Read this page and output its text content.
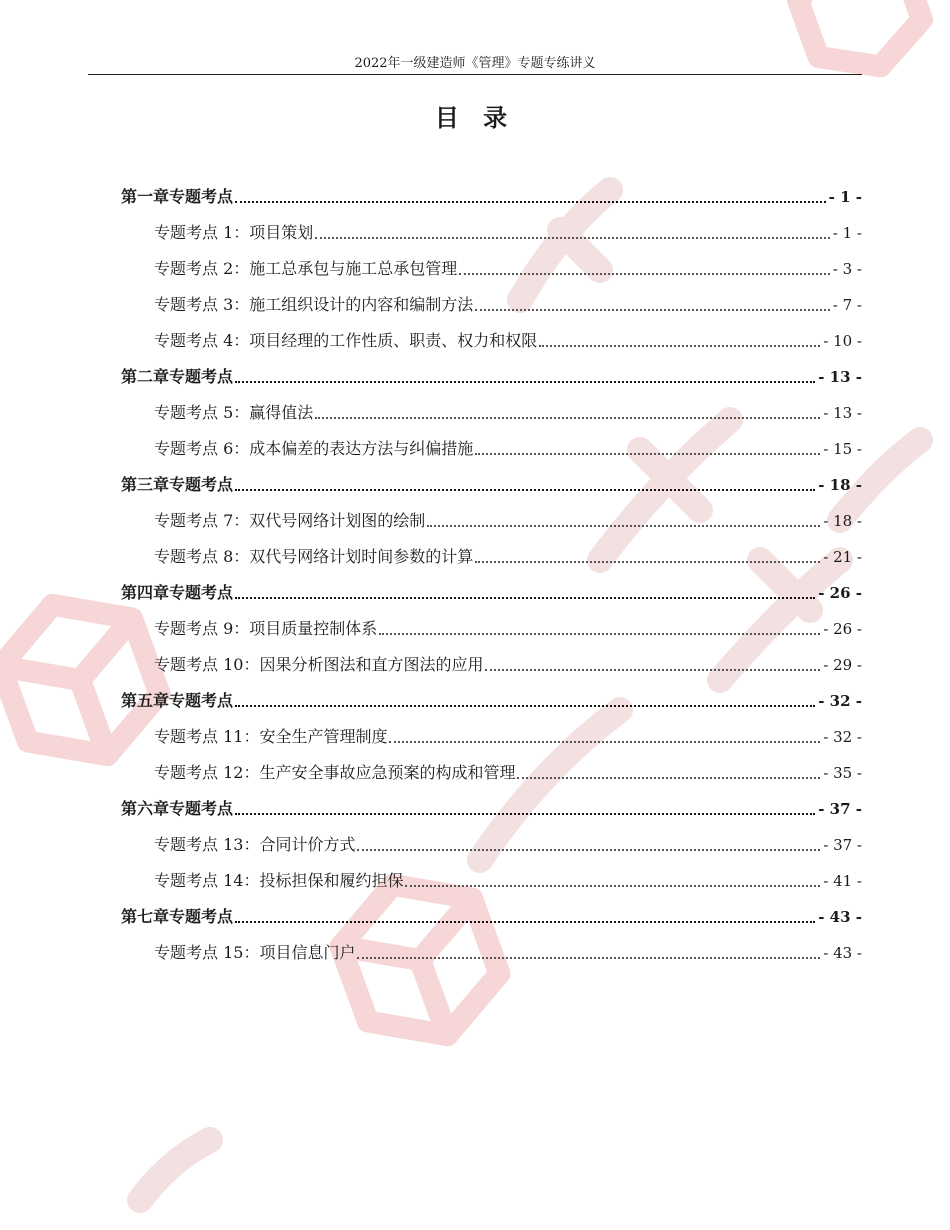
2022年一级建造师《管理》专题专练讲义
目 录
第一章专题考点	- 1 -
专题考点 1：项目策划	- 1 -
专题考点 2：施工总承包与施工总承包管理	- 3 -
专题考点 3：施工组织设计的内容和编制方法	- 7 -
专题考点 4：项目经理的工作性质、职责、权力和权限	- 10 -
第二章专题考点	- 13 -
专题考点 5：赢得值法	- 13 -
专题考点 6：成本偏差的表达方法与纠偏措施	- 15 -
第三章专题考点	- 18 -
专题考点 7：双代号网络计划图的绘制	- 18 -
专题考点 8：双代号网络计划时间参数的计算	- 21 -
第四章专题考点	- 26 -
专题考点 9：项目质量控制体系	- 26 -
专题考点 10：因果分析图法和直方图法的应用	- 29 -
第五章专题考点	- 32 -
专题考点 11：安全生产管理制度	- 32 -
专题考点 12：生产安全事故应急预案的构成和管理	- 35 -
第六章专题考点	- 37 -
专题考点 13：合同计价方式	- 37 -
专题考点 14：投标担保和履约担保	- 41 -
第七章专题考点	- 43 -
专题考点 15：项目信息门户	- 43 -
